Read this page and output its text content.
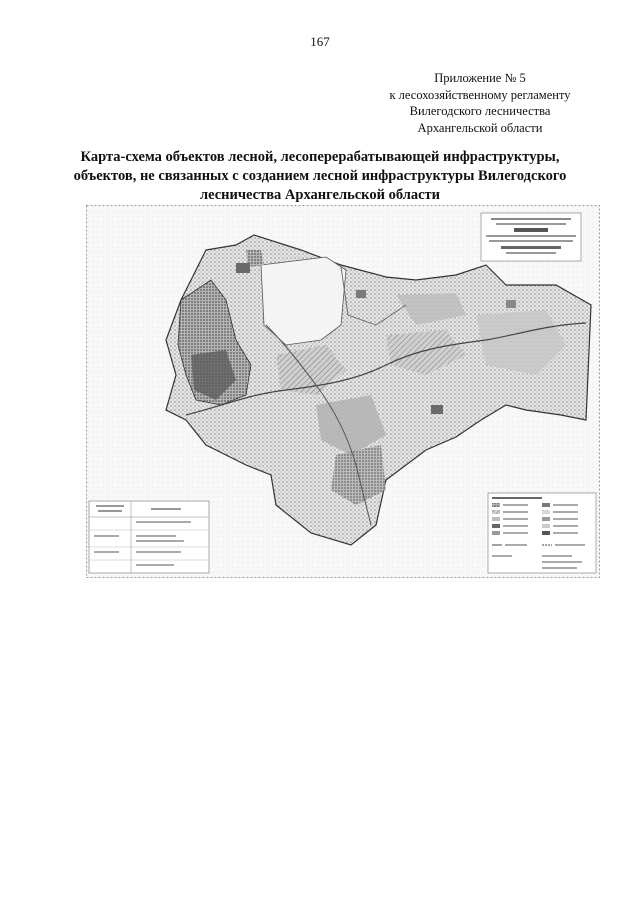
167
Приложение № 5
к лесохозяйственному регламенту
Вилегодского лесничества
Архангельской области
Карта-схема объектов лесной, лесоперерабатывающей инфраструктуры,
объектов, не связанных с созданием лесной инфраструктуры Вилегодского
лесничества Архангельской области
